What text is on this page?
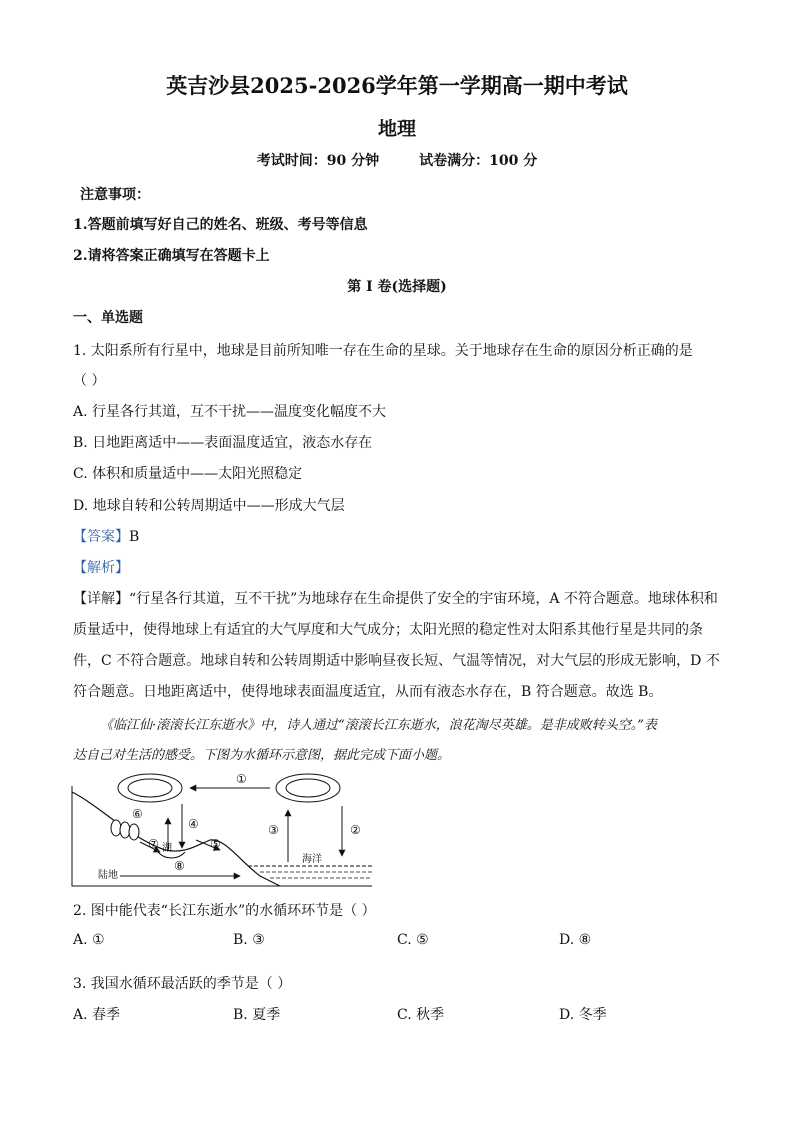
英吉沙县2025-2026学年第一学期高一期中考试
地理
考试时间：90 分钟	试卷满分：100 分
注意事项：
1.答题前填写好自己的姓名、班级、考号等信息
2.请将答案正确填写在答题卡上
第 I 卷(选择题)
一、单选题
1. 太阳系所有行星中，地球是目前所知唯一存在生命的星球。关于地球存在生命的原因分析正确的是
（ ）
A. 行星各行其道，互不干扰——温度变化幅度不大
B. 日地距离适中——表面温度适宜，液态水存在
C. 体积和质量适中——太阳光照稳定
D. 地球自转和公转周期适中——形成大气层
【答案】B
【解析】
【详解】“行星各行其道，互不干扰”为地球存在生命提供了安全的宇宙环境，A 不符合题意。地球体积和
质量适中，使得地球上有适宜的大气厚度和大气成分；太阳光照的稳定性对太阳系其他行星是共同的条
件，C 不符合题意。地球自转和公转周期适中影响昼夜长短、气温等情况，对大气层的形成无影响，D 不
符合题意。日地距离适中，使得地球表面温度适宜，从而有液态水存在，B 符合题意。故选 B。
《临江仙·滚滚长江东逝水》中，诗人通过“滚滚长江东逝水，浪花淘尽英雄。是非成败转头空。”表
达自己对生活的感受。下图为水循环示意图，据此完成下面小题。
①
②
③
④
⑤
⑥
⑦
⑧
湖
陆地
海洋
2. 图中能代表“长江东逝水”的水循环环节是（ ）
A. ①	B. ③	C. ⑤	D. ⑧
3. 我国水循环最活跃的季节是（ ）
A. 春季	B. 夏季	C. 秋季	D. 冬季
